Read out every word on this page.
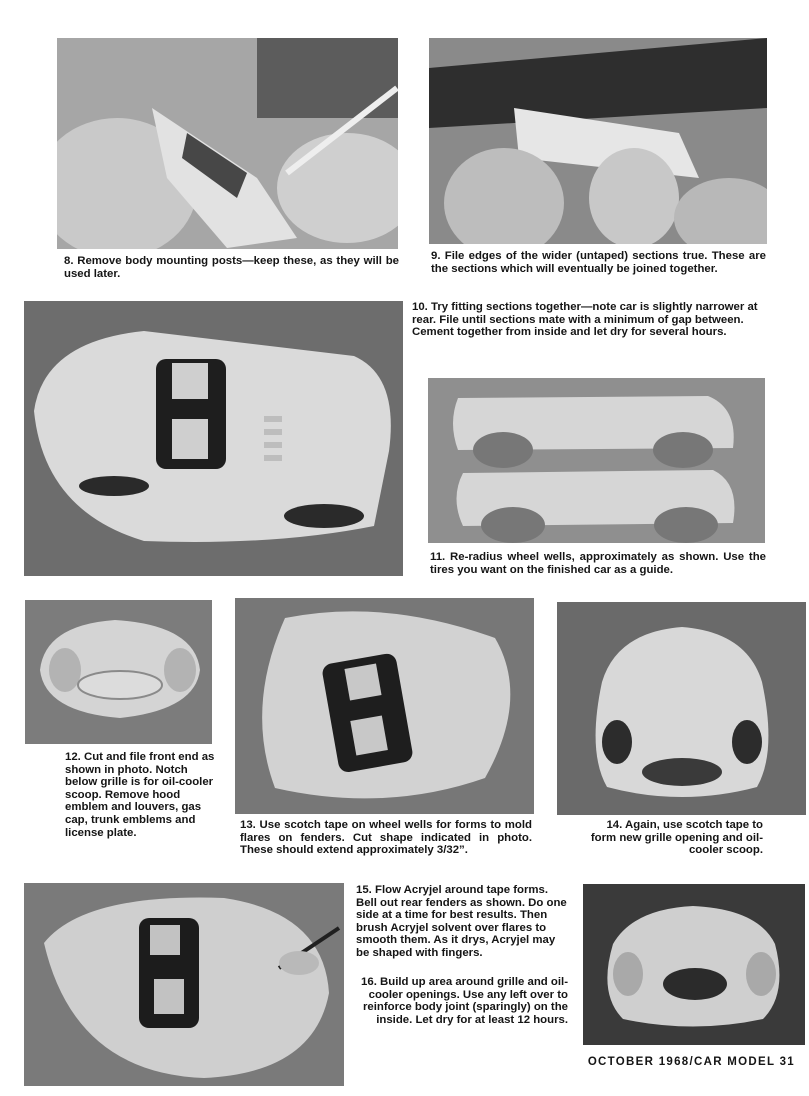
8. Remove body mounting posts—keep these, as they will be used later.
9. File edges of the wider (untaped) sections true. These are the sections which will eventually be joined together.
10. Try fitting sections together—note car is slightly narrower at rear. File until sections mate with a minimum of gap between. Cement together from inside and let dry for several hours.
11. Re-radius wheel wells, approximately as shown. Use the tires you want on the finished car as a guide.
12. Cut and file front end as shown in photo. Notch below grille is for oil-cooler scoop. Remove hood emblem and louvers, gas cap, trunk emblems and license plate.
13. Use scotch tape on wheel wells for forms to mold flares on fenders. Cut shape indicated in photo. These should extend approximately 3/32”.
14. Again, use scotch tape to form new grille opening and oil-cooler scoop.
15. Flow Acryjel around tape forms. Bell out rear fenders as shown. Do one side at a time for best results. Then brush Acryjel solvent over flares to smooth them. As it drys, Acryjel may be shaped with fingers.
16. Build up area around grille and oil-cooler openings. Use any left over to reinforce body joint (sparingly) on the inside. Let dry for at least 12 hours.
OCTOBER 1968/CAR MODEL 31
